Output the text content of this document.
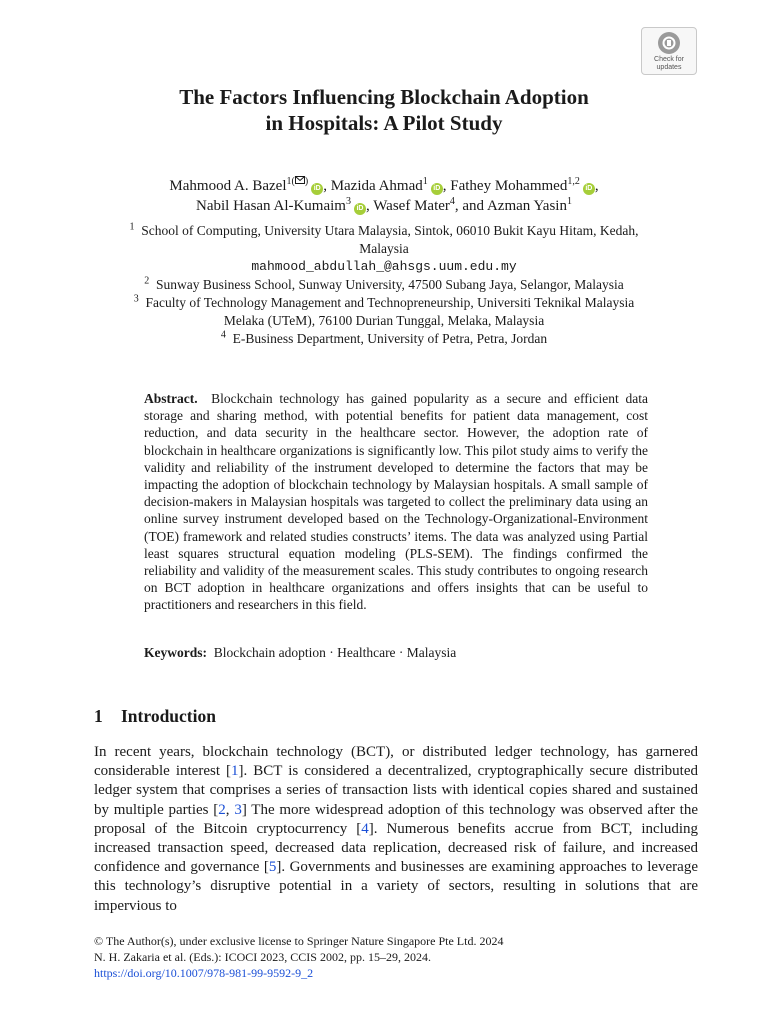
Check for
updates
The Factors Influencing Blockchain Adoption
in Hospitals: A Pilot Study
Mahmood A. Bazel$^{1( )}$iD , Mazida Ahmad$^1$iD , Fathey Mohammed$^{1,2}$iD ,
Nabil Hasan Al-Kumaim$^3$iD , Wasef Mater$^4$, and Azman Yasin$^1$
$^1$ School of Computing, University Utara Malaysia, Sintok, 06010 Bukit Kayu Hitam, Kedah,
Malaysia
mahmood_abdullah_@ahsgs.uum.edu.my
$^2$ Sunway Business School, Sunway University, 47500 Subang Jaya, Selangor, Malaysia
$^3$ Faculty of Technology Management and Technopreneurship, Universiti Teknikal Malaysia
Melaka (UTeM), 76100 Durian Tunggal, Melaka, Malaysia
$^4$ E-Business Department, University of Petra, Petra, Jordan
Abstract. Blockchain technology has gained popularity as a secure and efficient data storage and sharing method, with potential benefits for patient data management, cost reduction, and data security in the healthcare sector. However, the adoption rate of blockchain in healthcare organizations is significantly low. This pilot study aims to verify the validity and reliability of the instrument developed to determine the factors that may be impacting the adoption of blockchain technology by Malaysian hospitals. A small sample of decision-makers in Malaysian hospitals was targeted to collect the preliminary data using an online survey instrument developed based on the Technology-Organizational-Environment (TOE) framework and related studies constructs’ items. The data was analyzed using Partial least squares structural equation modeling (PLS-SEM). The findings confirmed the reliability and validity of the measurement scales. This study contributes to ongoing research on BCT adoption in healthcare organizations and offers insights that can be useful to practitioners and researchers in this field.
Keywords: Blockchain adoption · Healthcare · Malaysia
1 Introduction
In recent years, blockchain technology (BCT), or distributed ledger technology, has garnered considerable interest [1]. BCT is considered a decentralized, cryptographically secure distributed ledger system that comprises a series of transaction lists with identical copies shared and sustained by multiple parties [2, 3] The more widespread adoption of this technology was observed after the proposal of the Bitcoin cryptocurrency [4]. Numerous benefits accrue from BCT, including increased transaction speed, decreased data replication, decreased risk of failure, and increased confidence and governance [5]. Governments and businesses are examining approaches to leverage this technology’s disruptive potential in a variety of sectors, resulting in solutions that are impervious to
© The Author(s), under exclusive license to Springer Nature Singapore Pte Ltd. 2024
N. H. Zakaria et al. (Eds.): ICOCI 2023, CCIS 2002, pp. 15–29, 2024.
https://doi.org/10.1007/978-981-99-9592-9_2
